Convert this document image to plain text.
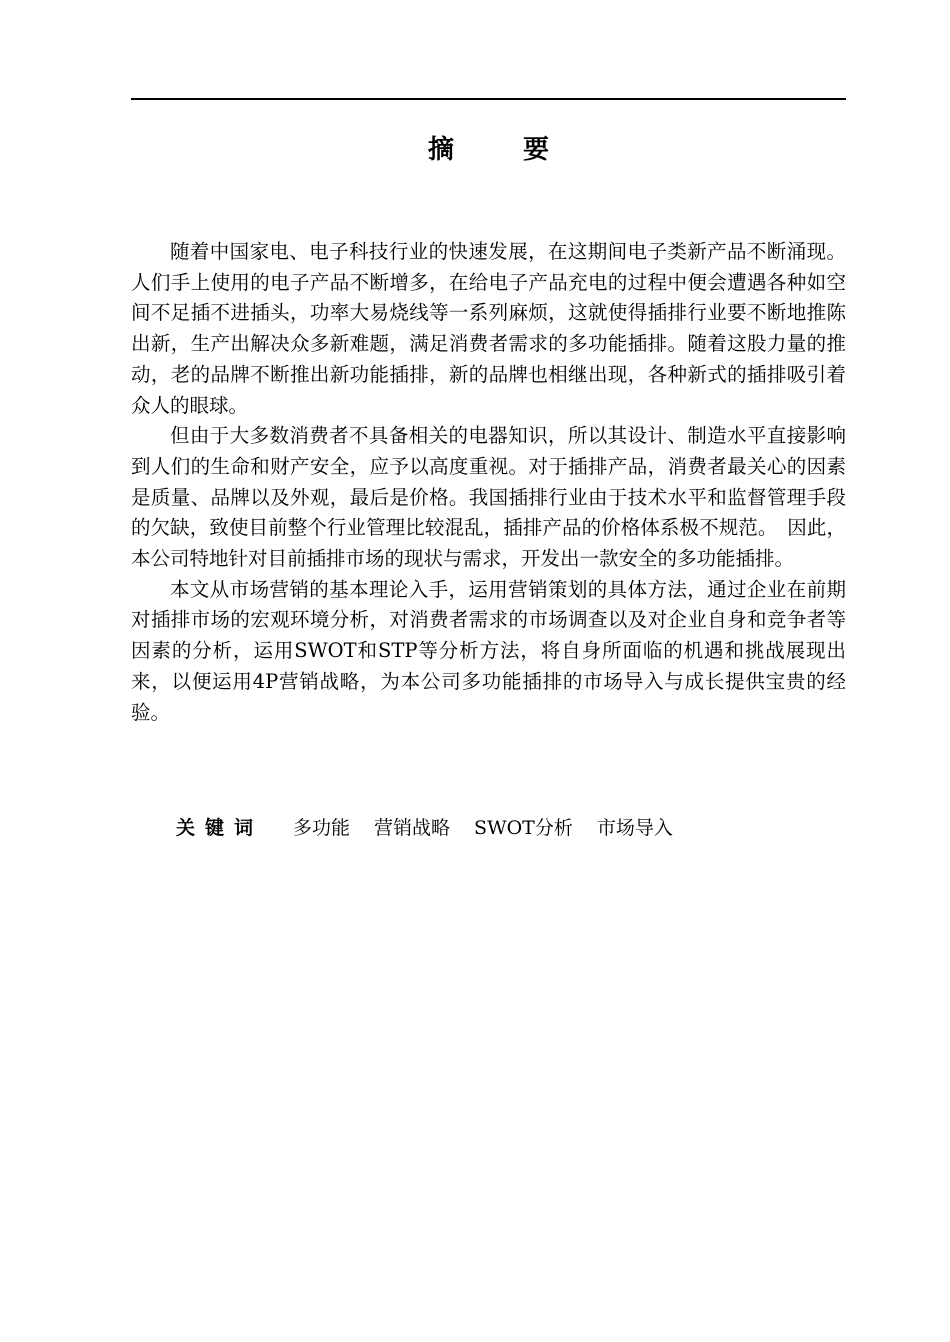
摘 要

随着中国家电、电子科技行业的快速发展，在这期间电子类新产品不断涌现。人们手上使用的电子产品不断增多，在给电子产品充电的过程中便会遭遇各种如空间不足插不进插头，功率大易烧线等一系列麻烦，这就使得插排行业要不断地推陈出新，生产出解决众多新难题，满足消费者需求的多功能插排。随着这股力量的推动，老的品牌不断推出新功能插排，新的品牌也相继出现，各种新式的插排吸引着众人的眼球。

但由于大多数消费者不具备相关的电器知识，所以其设计、制造水平直接影响到人们的生命和财产安全，应予以高度重视。对于插排产品，消费者最关心的因素是质量、品牌以及外观，最后是价格。我国插排行业由于技术水平和监督管理手段的欠缺，致使目前整个行业管理比较混乱，插排产品的价格体系极不规范。　因此，本公司特地针对目前插排市场的现状与需求，开发出一款安全的多功能插排。

本文从市场营销的基本理论入手，运用营销策划的具体方法，通过企业在前期对插排市场的宏观环境分析，对消费者需求的市场调查以及对企业自身和竞争者等因素的分析，运用SWOT和STP等分析方法，将自身所面临的机遇和挑战展现出来，以便运用4P营销战略，为本公司多功能插排的市场导入与成长提供宝贵的经验。

关键词 多功能 营销战略 SWOT分析 市场导入
